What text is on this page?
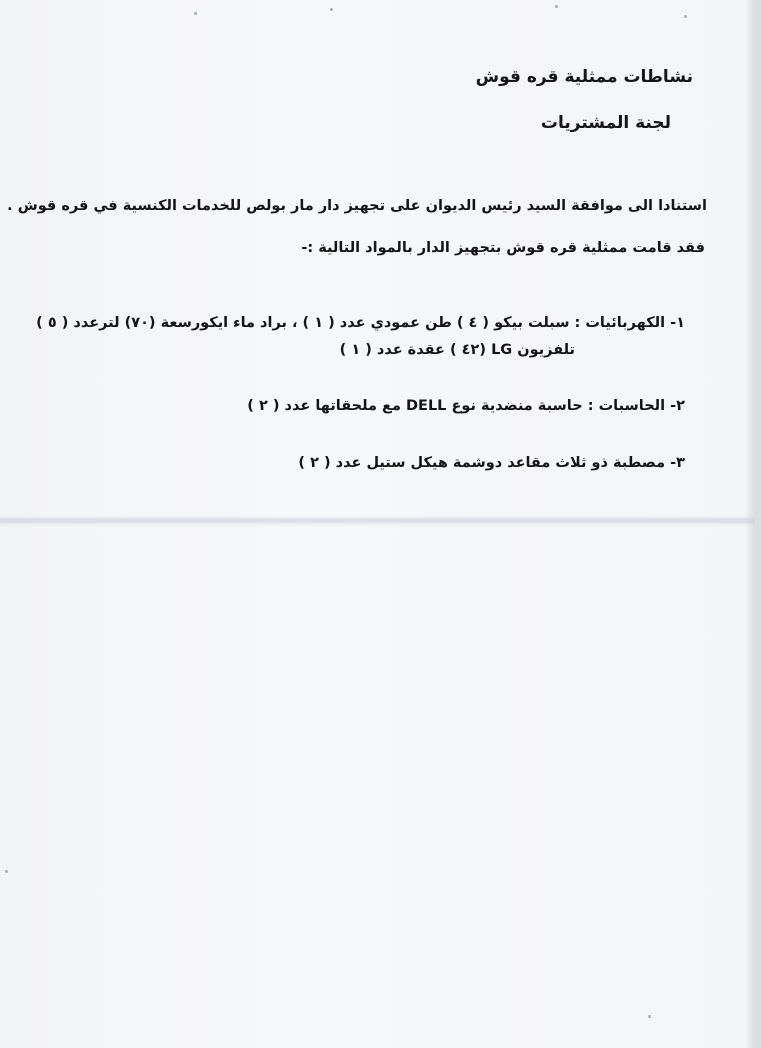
نشاطات ممثلية قره قوش
لجنة المشتريات
استنادا الى موافقة السيد رئيس الديوان على تجهيز دار مار بولص للخدمات الكنسية في قره قوش .
فقد قامت ممثلية قره قوش بتجهيز الدار بالمواد التالية :-
١- الكهربائيات : سبلت بيكو ( ٤ ) طن عمودي عدد ( ١ ) ، براد ماء ايكورسعة (٧٠) لترعدد ( ٥ )
تلفزيون LG (٤٢ ) عقدة عدد ( ١ )
٢- الحاسبات : حاسبة منضدية نوع DELL مع ملحقاتها عدد ( ٢ )
٣- مصطبة ذو ثلاث مقاعد دوشمة هيكل ستيل عدد ( ٢ )
